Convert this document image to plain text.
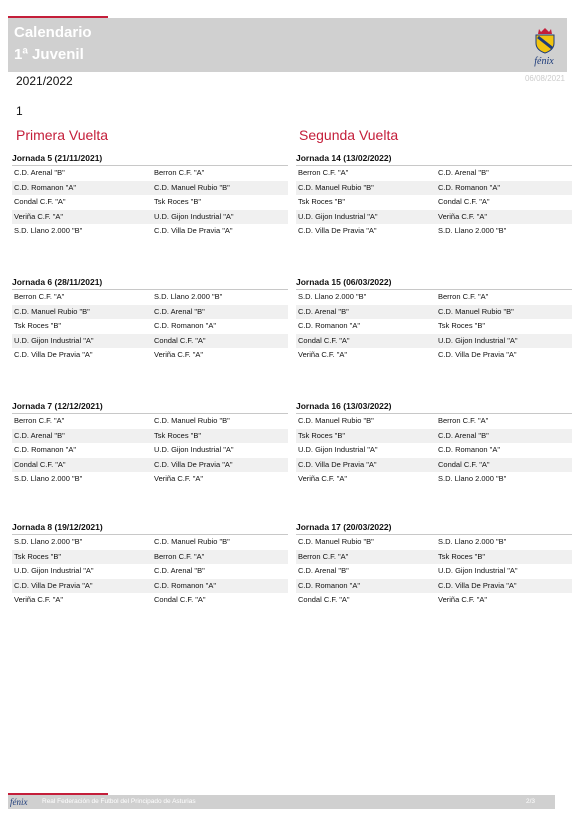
Calendario
1ª Juvenil	fénix
2021/2022	06/08/2021
1
Primera Vuelta	Segunda Vuelta
Jornada 5 (21/11/2021)
C.D. Arenal "B"	Berron C.F. "A"
C.D. Romanon "A"	C.D. Manuel Rubio "B"
Condal C.F. "A"	Tsk Roces "B"
Veriña C.F. "A"	U.D. Gijon Industrial "A"
S.D. Llano 2.000 "B"	C.D. Villa De Pravia "A"
Jornada 14 (13/02/2022)
Berron C.F. "A"	C.D. Arenal "B"
C.D. Manuel Rubio "B"	C.D. Romanon "A"
Tsk Roces "B"	Condal C.F. "A"
U.D. Gijon Industrial "A"	Veriña C.F. "A"
C.D. Villa De Pravia "A"	S.D. Llano 2.000 "B"
Jornada 6 (28/11/2021)
Berron C.F. "A"	S.D. Llano 2.000 "B"
C.D. Manuel Rubio "B"	C.D. Arenal "B"
Tsk Roces "B"	C.D. Romanon "A"
U.D. Gijon Industrial "A"	Condal C.F. "A"
C.D. Villa De Pravia "A"	Veriña C.F. "A"
Jornada 15 (06/03/2022)
S.D. Llano 2.000 "B"	Berron C.F. "A"
C.D. Arenal "B"	C.D. Manuel Rubio "B"
C.D. Romanon "A"	Tsk Roces "B"
Condal C.F. "A"	U.D. Gijon Industrial "A"
Veriña C.F. "A"	C.D. Villa De Pravia "A"
Jornada 7 (12/12/2021)
Berron C.F. "A"	C.D. Manuel Rubio "B"
C.D. Arenal "B"	Tsk Roces "B"
C.D. Romanon "A"	U.D. Gijon Industrial "A"
Condal C.F. "A"	C.D. Villa De Pravia "A"
S.D. Llano 2.000 "B"	Veriña C.F. "A"
Jornada 16 (13/03/2022)
C.D. Manuel Rubio "B"	Berron C.F. "A"
Tsk Roces "B"	C.D. Arenal "B"
U.D. Gijon Industrial "A"	C.D. Romanon "A"
C.D. Villa De Pravia "A"	Condal C.F. "A"
Veriña C.F. "A"	S.D. Llano 2.000 "B"
Jornada 8 (19/12/2021)
S.D. Llano 2.000 "B"	C.D. Manuel Rubio "B"
Tsk Roces "B"	Berron C.F. "A"
U.D. Gijon Industrial "A"	C.D. Arenal "B"
C.D. Villa De Pravia "A"	C.D. Romanon "A"
Veriña C.F. "A"	Condal C.F. "A"
Jornada 17 (20/03/2022)
C.D. Manuel Rubio "B"	S.D. Llano 2.000 "B"
Berron C.F. "A"	Tsk Roces "B"
C.D. Arenal "B"	U.D. Gijon Industrial "A"
C.D. Romanon "A"	C.D. Villa De Pravia "A"
Condal C.F. "A"	Veriña C.F. "A"
fénix Real Federación de Futbol del Principado de Asturias	2/3
